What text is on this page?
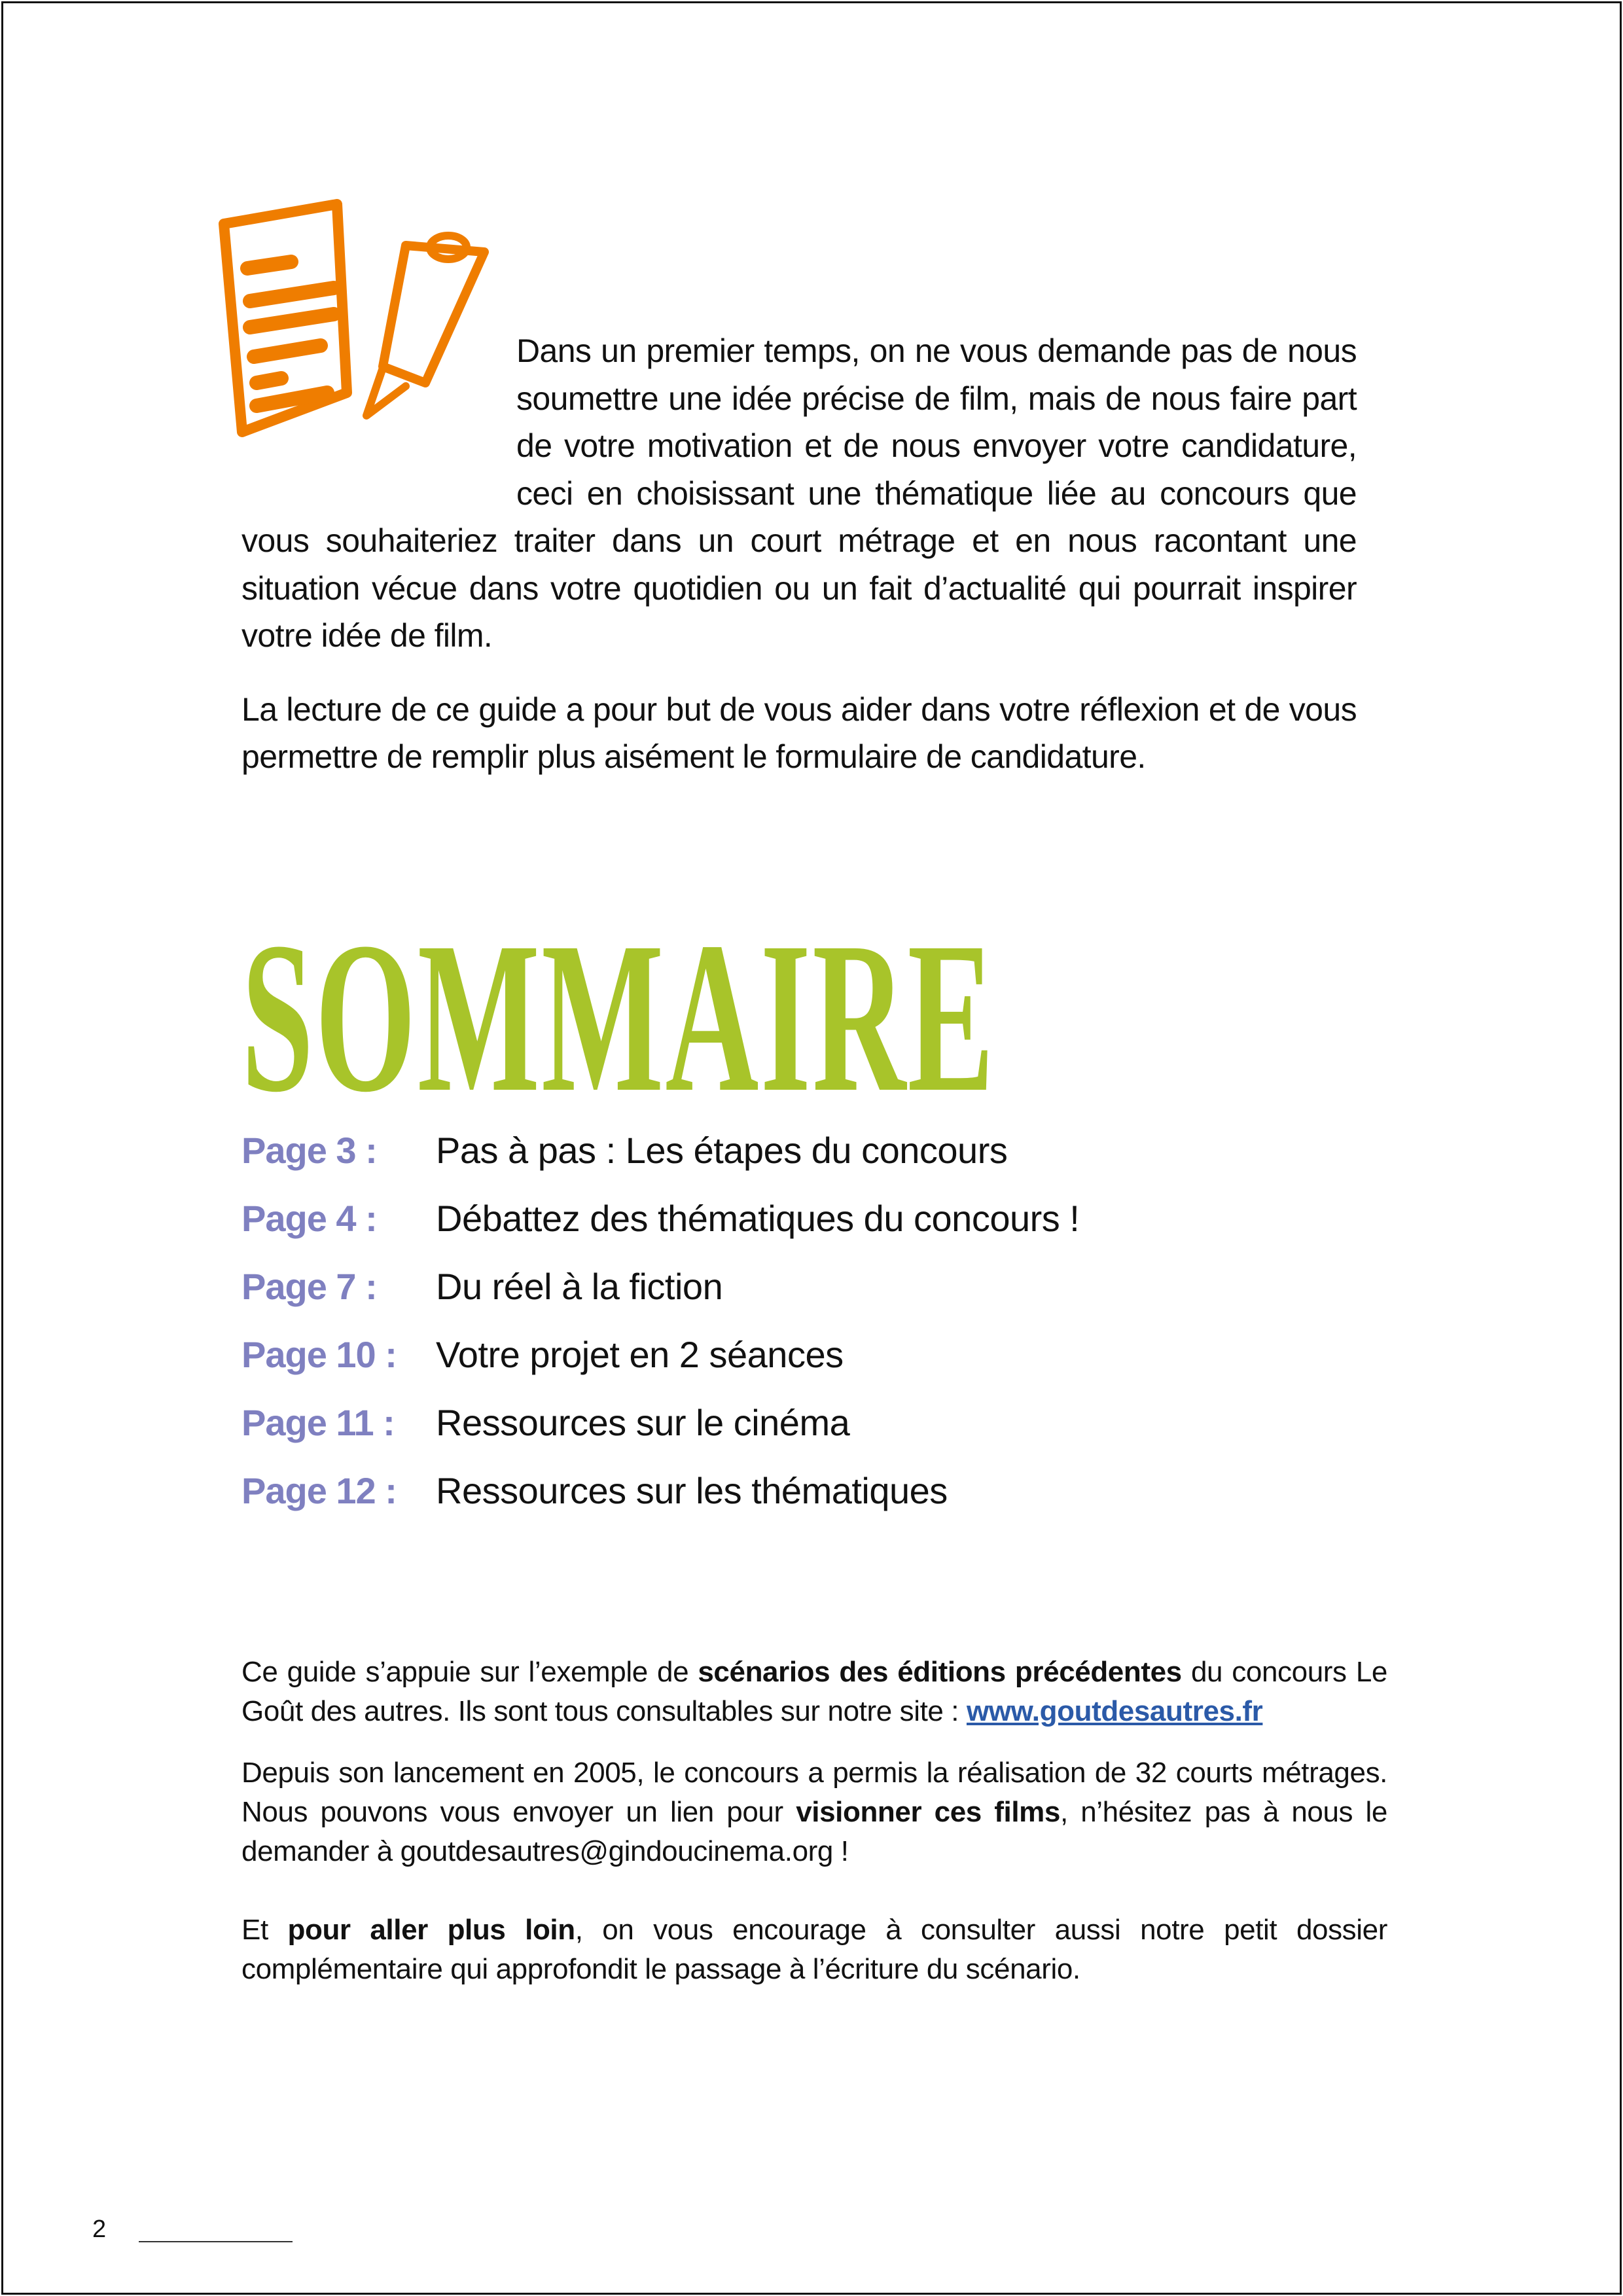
Dans un premier temps, on ne vous demande pas de nous soumettre une idée précise de film, mais de nous faire part de votre motivation et de nous envoyer votre candidature, ceci en choisissant une thématique liée au concours que vous souhaiteriez traiter dans un court métrage et en nous racontant une situation vécue dans votre quotidien ou un fait d’actualité qui pourrait inspirer votre idée de film.

La lecture de ce guide a pour but de vous aider dans votre réflexion et de vous permettre de remplir plus aisément le formulaire de candidature.

SOMMAIRE
Page 3 :	Pas à pas : Les étapes du concours
Page 4 :	Débattez des thématiques du concours !
Page 7 :	Du réel à la fiction
Page 10 :	Votre projet en 2 séances
Page 11 :	Ressources sur le cinéma
Page 12 :	Ressources sur les thématiques

Ce guide s’appuie sur l’exemple de scénarios des éditions précédentes du concours Le Goût des autres. Ils sont tous consultables sur notre site : www.goutdesautres.fr

Depuis son lancement en 2005, le concours a permis la réalisation de 32 courts métrages. Nous pouvons vous envoyer un lien pour visionner ces films, n’hésitez pas à nous le demander à goutdesautres@gindoucinema.org !

Et pour aller plus loin, on vous encourage à consulter aussi notre petit dossier complémentaire qui approfondit le passage à l’écriture du scénario.

2
